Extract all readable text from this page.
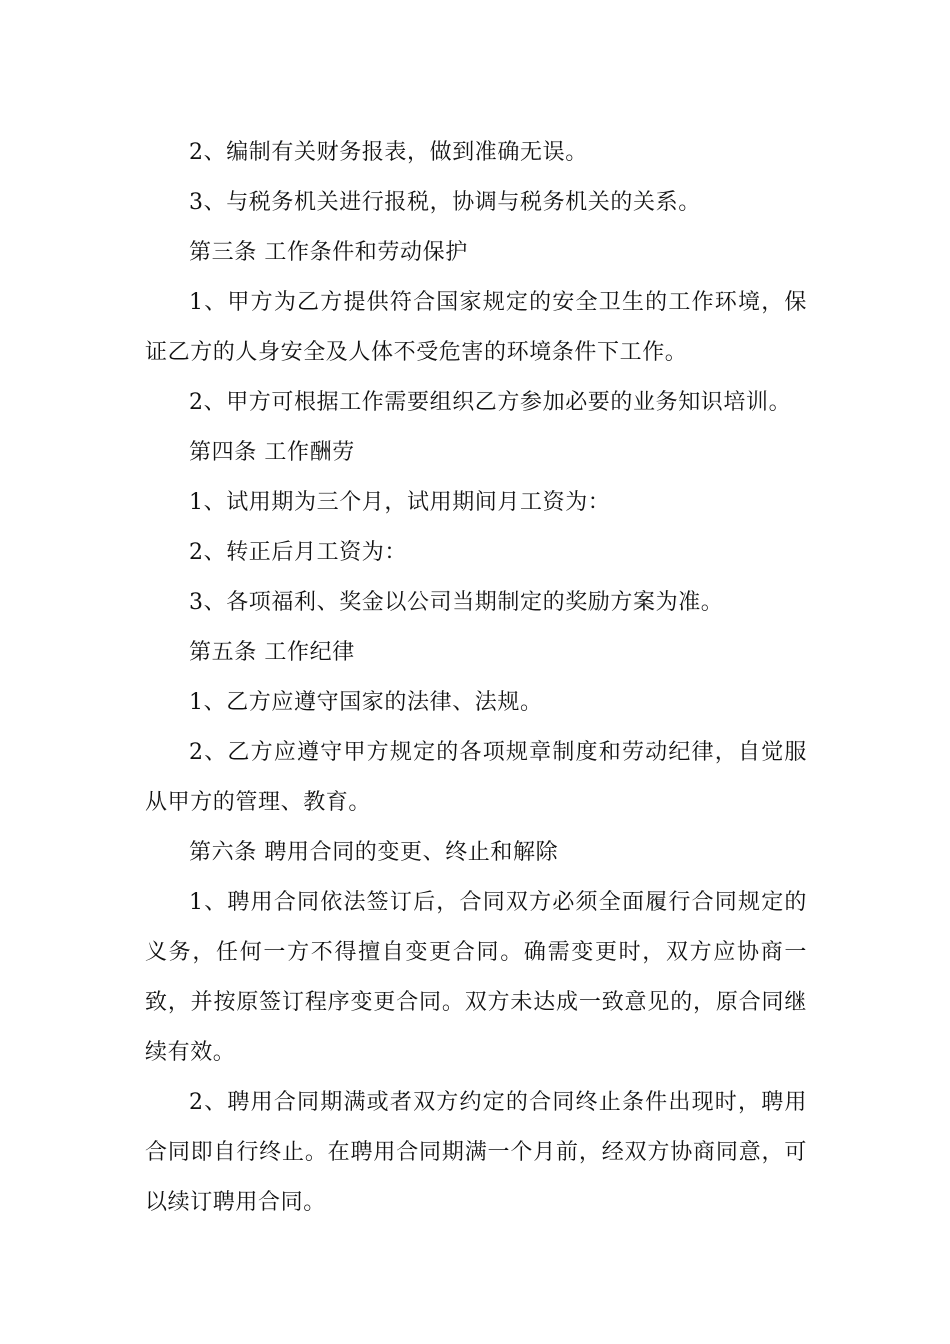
2、编制有关财务报表，做到准确无误。

3、与税务机关进行报税，协调与税务机关的关系。

第三条 工作条件和劳动保护

1、甲方为乙方提供符合国家规定的安全卫生的工作环境，保证乙方的人身安全及人体不受危害的环境条件下工作。

2、甲方可根据工作需要组织乙方参加必要的业务知识培训。

第四条 工作酬劳

1、试用期为三个月，试用期间月工资为：

2、转正后月工资为：

3、各项福利、奖金以公司当期制定的奖励方案为准。

第五条 工作纪律

1、乙方应遵守国家的法律、法规。

2、乙方应遵守甲方规定的各项规章制度和劳动纪律，自觉服从甲方的管理、教育。

第六条 聘用合同的变更、终止和解除

1、聘用合同依法签订后，合同双方必须全面履行合同规定的义务，任何一方不得擅自变更合同。确需变更时，双方应协商一致，并按原签订程序变更合同。双方未达成一致意见的，原合同继续有效。

2、聘用合同期满或者双方约定的合同终止条件出现时，聘用合同即自行终止。在聘用合同期满一个月前，经双方协商同意，可以续订聘用合同。
